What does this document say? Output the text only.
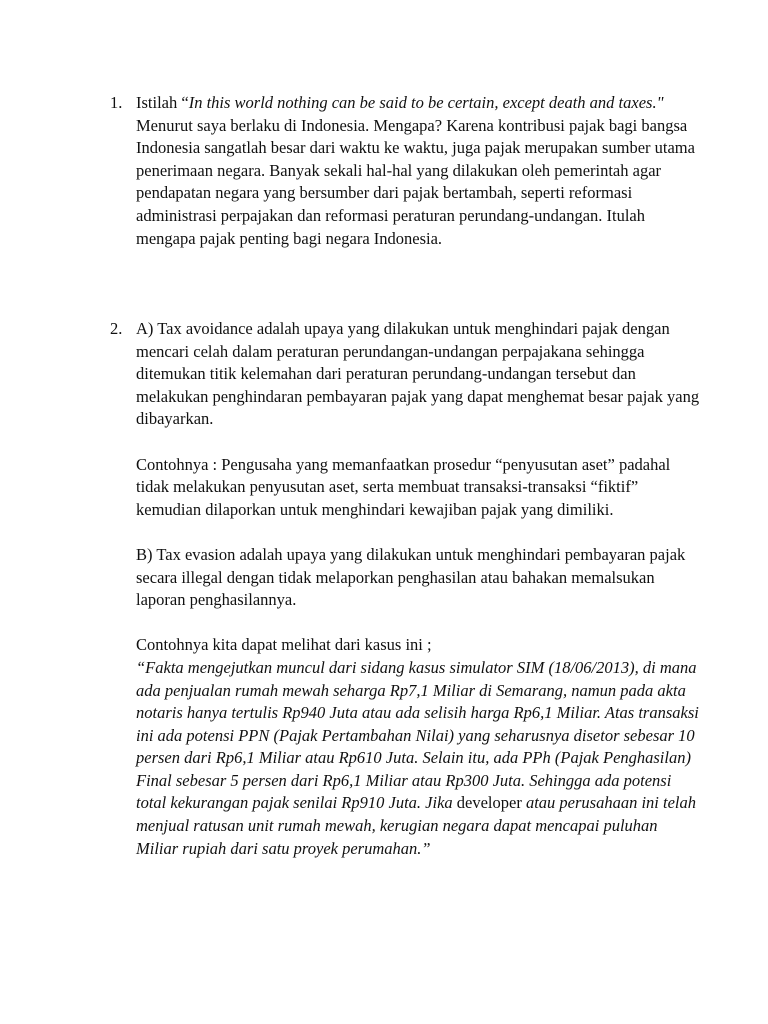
1. Istilah “In this world nothing can be said to be certain, except death and taxes." Menurut saya berlaku di Indonesia. Mengapa? Karena kontribusi pajak bagi bangsa Indonesia sangatlah besar dari waktu ke waktu, juga pajak merupakan sumber utama penerimaan negara. Banyak sekali hal-hal yang dilakukan oleh pemerintah agar pendapatan negara yang bersumber dari pajak bertambah, seperti reformasi administrasi perpajakan dan reformasi peraturan perundang-undangan. Itulah mengapa pajak penting bagi negara Indonesia.

2. A) Tax avoidance adalah upaya yang dilakukan untuk menghindari pajak dengan mencari celah dalam peraturan perundangan-undangan perpajakana sehingga ditemukan titik kelemahan dari peraturan perundang-undangan tersebut dan melakukan penghindaran pembayaran pajak yang dapat menghemat besar pajak yang dibayarkan.

Contohnya : Pengusaha yang memanfaatkan prosedur “penyusutan aset” padahal tidak melakukan penyusutan aset, serta membuat transaksi-transaksi “fiktif” kemudian dilaporkan untuk menghindari kewajiban pajak yang dimiliki.

B) Tax evasion adalah upaya yang dilakukan untuk menghindari pembayaran pajak secara illegal dengan tidak melaporkan penghasilan atau bahakan memalsukan laporan penghasilannya.

Contohnya kita dapat melihat dari kasus ini ;

“Fakta mengejutkan muncul dari sidang kasus simulator SIM (18/06/2013), di mana ada penjualan rumah mewah seharga Rp7,1 Miliar di Semarang, namun pada akta notaris hanya tertulis Rp940 Juta atau ada selisih harga Rp6,1 Miliar. Atas transaksi ini ada potensi PPN (Pajak Pertambahan Nilai) yang seharusnya disetor sebesar 10 persen dari Rp6,1 Miliar atau Rp610 Juta. Selain itu, ada PPh (Pajak Penghasilan) Final sebesar 5 persen dari Rp6,1 Miliar atau Rp300 Juta. Sehingga ada potensi total kekurangan pajak senilai Rp910 Juta. Jika developer atau perusahaan ini telah menjual ratusan unit rumah mewah, kerugian negara dapat mencapai puluhan Miliar rupiah dari satu proyek perumahan.”
